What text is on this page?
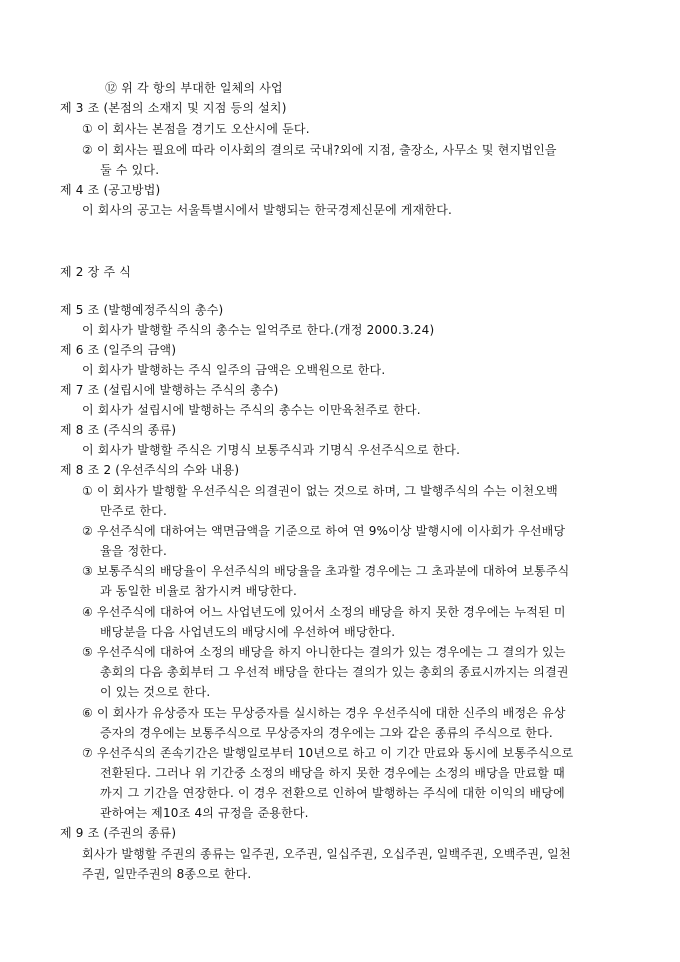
⑫ 위 각 항의 부대한 일체의 사업
제 3 조 (본점의 소재지 및 지점 등의 설치)
① 이 회사는 본점을 경기도 오산시에 둔다.
② 이 회사는 필요에 따라 이사회의 결의로 국내?외에 지점, 출장소, 사무소 및 현지법인을
둘 수 있다.
제 4 조 (공고방법)
이 회사의 공고는 서울특별시에서 발행되는 한국경제신문에 게재한다.
제 2 장 주 식
제 5 조 (발행예정주식의 총수)
이 회사가 발행할 주식의 총수는 일억주로 한다.(개정 2000.3.24)
제 6 조 (일주의 금액)
이 회사가 발행하는 주식 일주의 금액은 오백원으로 한다.
제 7 조 (설립시에 발행하는 주식의 총수)
이 회사가 설립시에 발행하는 주식의 총수는 이만육천주로 한다.
제 8 조 (주식의 종류)
이 회사가 발행할 주식은 기명식 보통주식과 기명식 우선주식으로 한다.
제 8 조 2 (우선주식의 수와 내용)
① 이 회사가 발행할 우선주식은 의결권이 없는 것으로 하며, 그 발행주식의 수는 이천오백
만주로 한다.
② 우선주식에 대하여는 액면금액을 기준으로 하여 연 9%이상 발행시에 이사회가 우선배당
율을 정한다.
③ 보통주식의 배당율이 우선주식의 배당율을 초과할 경우에는 그 초과분에 대하여 보통주식
과 동일한 비율로 참가시켜 배당한다.
④ 우선주식에 대하여 어느 사업년도에 있어서 소정의 배당을 하지 못한 경우에는 누적된 미
배당분을 다음 사업년도의 배당시에 우선하여 배당한다.
⑤ 우선주식에 대하여 소정의 배당을 하지 아니한다는 결의가 있는 경우에는 그 결의가 있는
총회의 다음 총회부터 그 우선적 배당을 한다는 결의가 있는 총회의 종료시까지는 의결권
이 있는 것으로 한다.
⑥ 이 회사가 유상증자 또는 무상증자를 실시하는 경우 우선주식에 대한 신주의 배정은 유상
증자의 경우에는 보통주식으로 무상증자의 경우에는 그와 같은 종류의 주식으로 한다.
⑦ 우선주식의 존속기간은 발행일로부터 10년으로 하고 이 기간 만료와 동시에 보통주식으로
전환된다. 그러나 위 기간중 소정의 배당을 하지 못한 경우에는 소정의 배당을 만료할 때
까지 그 기간을 연장한다. 이 경우 전환으로 인하여 발행하는 주식에 대한 이익의 배당에
관하여는 제10조 4의 규정을 준용한다.
제 9 조 (주권의 종류)
회사가 발행할 주권의 종류는 일주권, 오주권, 일십주권, 오십주권, 일백주권, 오백주권, 일천
주권, 일만주권의 8종으로 한다.
